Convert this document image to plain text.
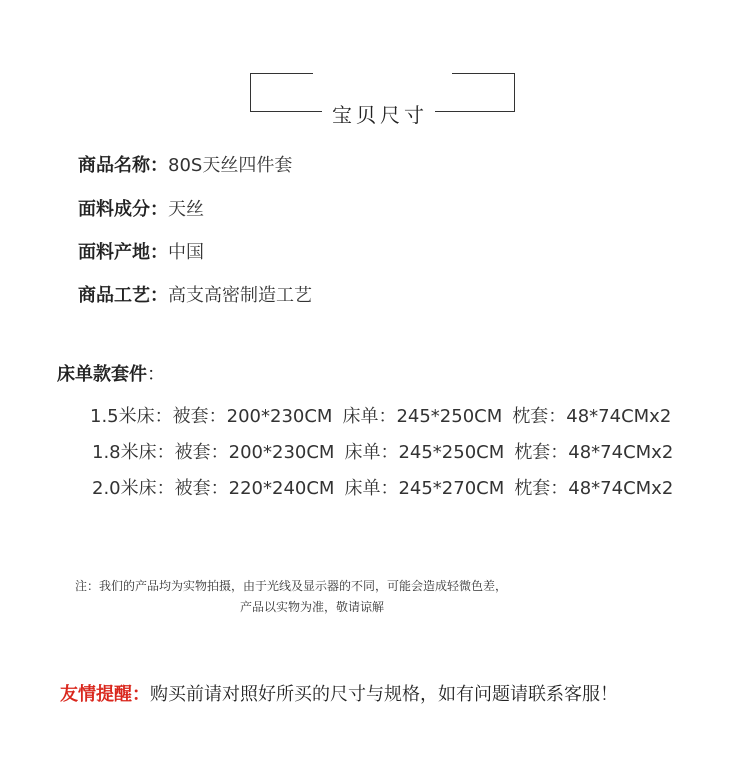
宝贝尺寸
商品名称：80S天丝四件套
面料成分：天丝
面料产地：中国
商品工艺：高支高密制造工艺
床单款套件：
1.5米床：被套：200*230CM 床单：245*250CM 枕套：48*74CMx2
1.8米床：被套：200*230CM 床单：245*250CM 枕套：48*74CMx2
2.0米床：被套：220*240CM 床单：245*270CM 枕套：48*74CMx2
注：我们的产品均为实物拍摄，由于光线及显示器的不同，可能会造成轻微色差，
产品以实物为准，敬请谅解
友情提醒：购买前请对照好所买的尺寸与规格，如有问题请联系客服！
